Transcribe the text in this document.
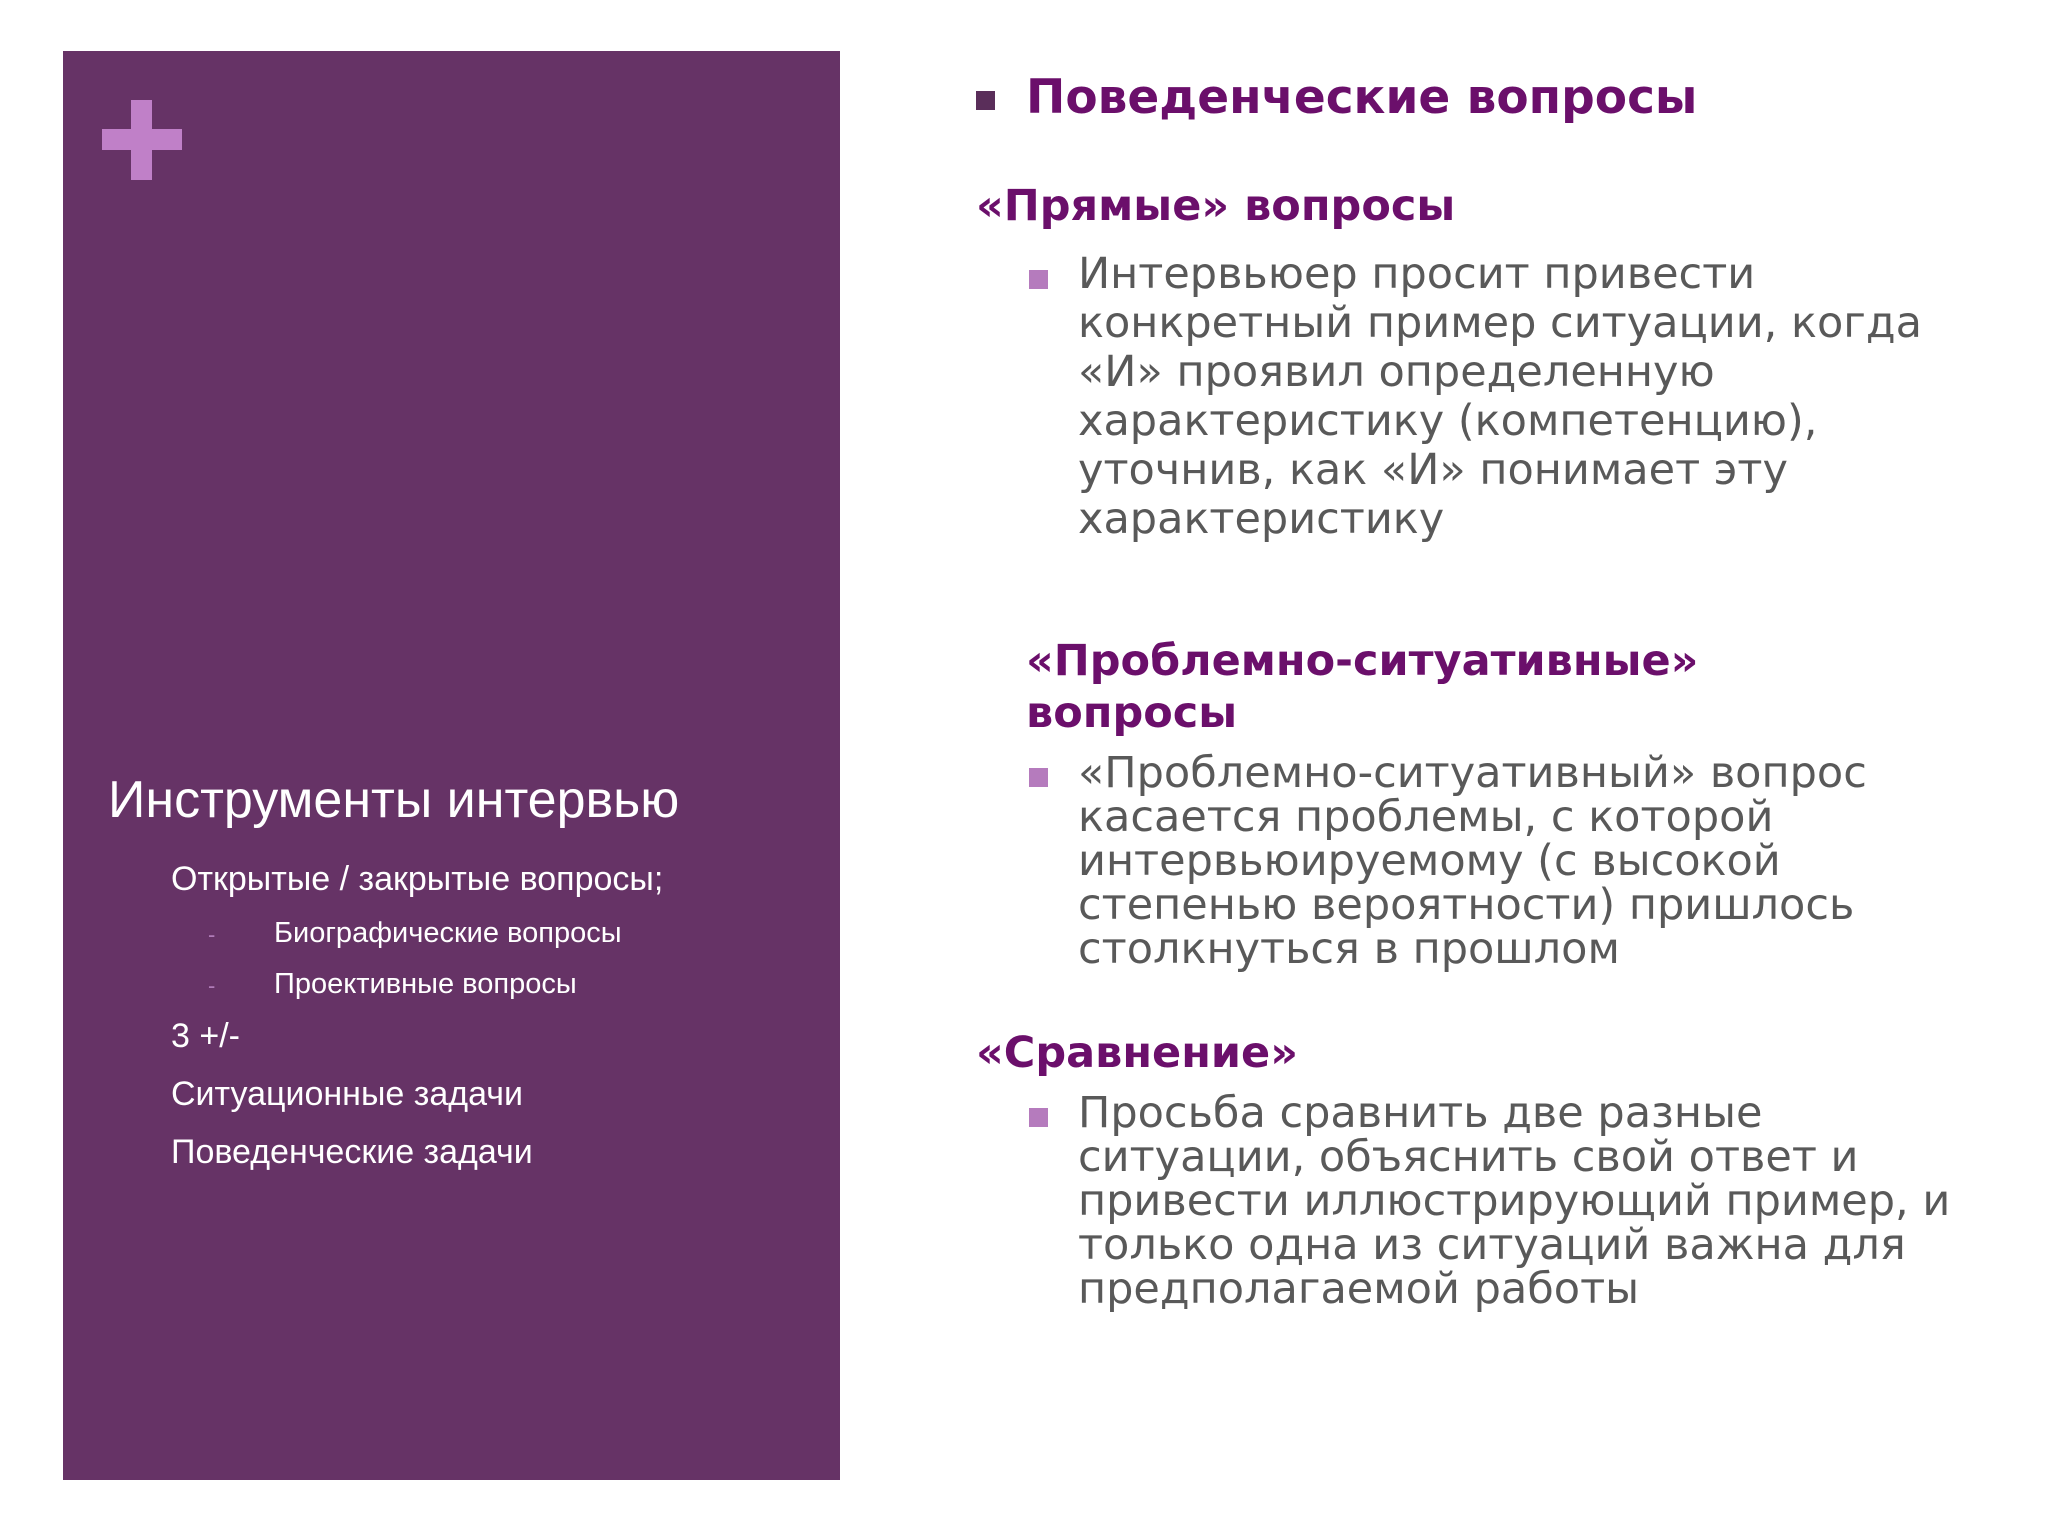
Инструменты интервью
Открытые / закрытые вопросы;
- Биографические вопросы
- Проективные вопросы
3 +/-
Ситуационные задачи
Поведенческие задачи
Поведенческие вопросы
«Прямые» вопросы
Интервьюер просит привести конкретный пример ситуации, когда «И» проявил определенную характеристику (компетенцию), уточнив, как «И» понимает эту характеристику
«Проблемно-ситуативные» вопросы
«Проблемно-ситуативный» вопрос касается проблемы, с которой интервьюируемому (с высокой степенью вероятности) пришлось столкнуться в прошлом
«Сравнение»
Просьба сравнить две разные ситуации, объяснить свой ответ и привести иллюстрирующий пример, и только одна из ситуаций важна для предполагаемой работы
